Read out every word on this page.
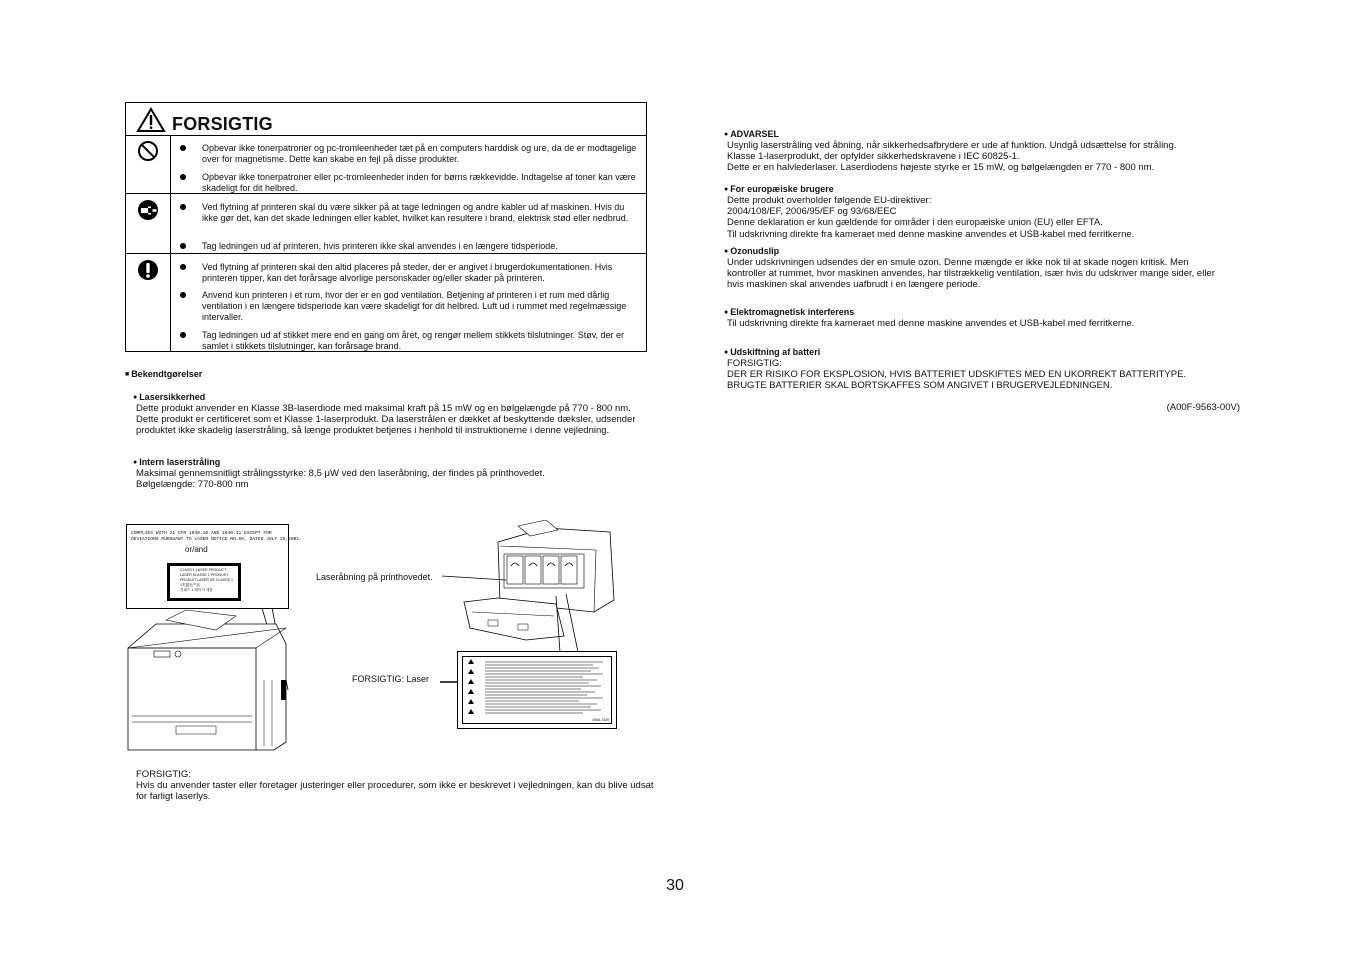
FORSIGTIG
Opbevar ikke tonerpatroner og pc-tromleenheder tæt på en computers harddisk og ure, da de er modtagelige over for magnetisme. Dette kan skabe en fejl på disse produkter.
Opbevar ikke tonerpatroner eller pc-tromleenheder inden for børns rækkevidde. Indtagelse af toner kan være skadeligt for dit helbred.
Ved flytning af printeren skal du være sikker på at tage ledningen og andre kabler ud af maskinen. Hvis du ikke gør det, kan det skade ledningen eller kablet, hvilket kan resultere i brand, elektrisk stød eller nedbrud.
Tag ledningen ud af printeren, hvis printeren ikke skal anvendes i en længere tidsperiode.
Ved flytning af printeren skal den altid placeres på steder, der er angivet i brugerdokumentationen. Hvis printeren tipper, kan det forårsage alvorlige personskader og/eller skader på printeren.
Anvend kun printeren i et rum, hvor der er en god ventilation. Betjening af printeren i et rum med dårlig ventilation i en længere tidsperiode kan være skadeligt for dit helbred. Luft ud i rummet med regelmæssige intervaller.
Tag ledningen ud af stikket mere end en gang om året, og rengør mellem stikkets tilslutninger. Støv, der er samlet i stikkets tilslutninger, kan forårsage brand.
■ Bekendtgørelser
● Lasersikkerhed
Dette produkt anvender en Klasse 3B-laserdiode med maksimal kraft på 15 mW og en bølgelængde på 770 - 800 nm.
Dette produkt er certificeret som et Klasse 1-laserprodukt. Da laserstrålen er dækket af beskyttende dæksler, udsender
produktet ikke skadelig laserstråling, så længe produktet betjenes i henhold til instruktionerne i denne vejledning.
● Intern laserstråling
Maksimal gennemsnitligt strålingsstyrke: 8,5 μW ved den laseråbning, der findes på printhovedet.
Bølgelængde: 770-800 nm
COMPLIES WITH 21 CFR 1040.10 AND 1040.11 EXCEPT FOR
DEVIATIONS PURSUANT TO LASER NOTICE NO.50, DATED JULY 26,2001.
or/and
CLASS 1 LASER PRODUCT
LASER KLASSE 1 PRODUKT
PRODUIT LASER DE CLASSE 1
1类激光产品
클래스 1 레이저 제품
Laseråbning på printhovedet.
FORSIGTIG: Laser
4066-7449
FORSIGTIG:
Hvis du anvender taster eller foretager justeringer eller procedurer, som ikke er beskrevet i vejledningen, kan du blive udsat
for farligt laserlys.
● ADVARSEL
Usynlig laserstråling ved åbning, når sikkerhedsafbrydere er ude af funktion. Undgå udsættelse for stråling.
Klasse 1-laserprodukt, der opfylder sikkerhedskravene i IEC 60825-1.
Dette er en halvlederlaser. Laserdiodens højeste styrke er 15 mW, og bølgelængden er 770 - 800 nm.
● For europæiske brugere
Dette produkt overholder følgende EU-direktiver:
2004/108/EF, 2006/95/EF og 93/68/EEC
Denne deklaration er kun gældende for områder i den europæiske union (EU) eller EFTA.
Til udskrivning direkte fra kameraet med denne maskine anvendes et USB-kabel med ferritkerne.
● Ozonudslip
Under udskrivningen udsendes der en smule ozon. Denne mængde er ikke nok til at skade nogen kritisk. Men
kontroller at rummet, hvor maskinen anvendes, har tilstrækkelig ventilation, især hvis du udskriver mange sider, eller
hvis maskinen skal anvendes uafbrudt i en længere periode.
● Elektromagnetisk interferens
Til udskrivning direkte fra kameraet med denne maskine anvendes et USB-kabel med ferritkerne.
● Udskiftning af batteri
FORSIGTIG:
DER ER RISIKO FOR EKSPLOSION, HVIS BATTERIET UDSKIFTES MED EN UKORREKT BATTERITYPE.
BRUGTE BATTERIER SKAL BORTSKAFFES SOM ANGIVET I BRUGERVEJLEDNINGEN.
(A00F-9563-00V)
30
